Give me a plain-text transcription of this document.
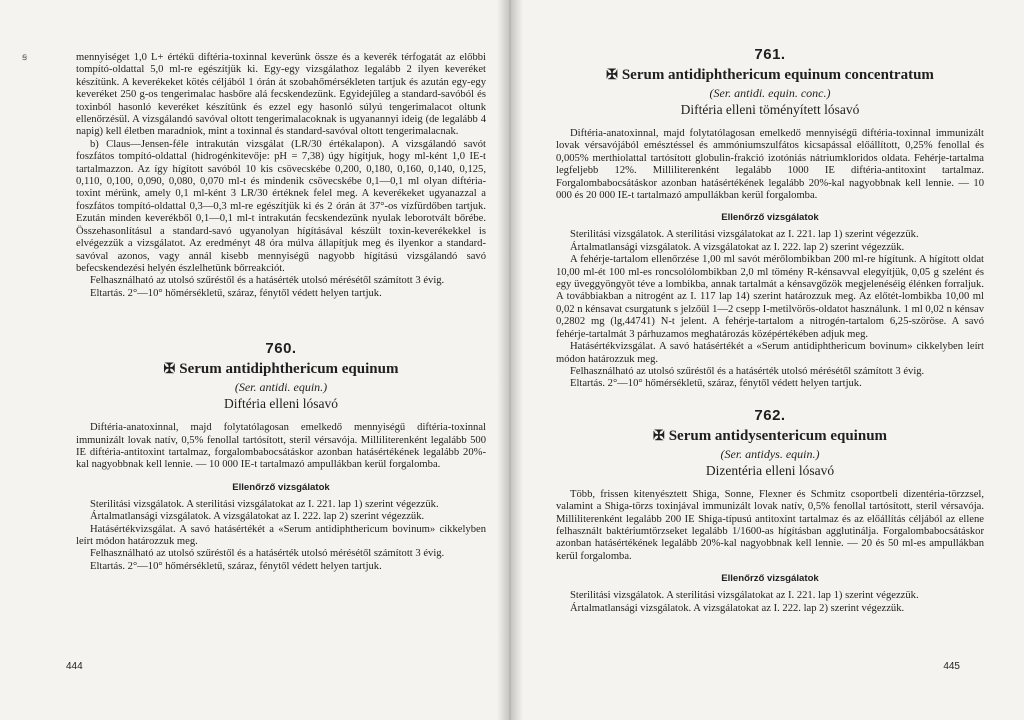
ꞩ	mennyiséget 1,0 L+ értékű diftéria-toxinnal keverünk össze és a keverék térfogatát az előbbi tompító-oldattal 5,0 ml-re egészítjük ki. Egy-egy vizsgálathoz legalább 2 ilyen keveréket készítünk. A keverékeket kötés céljából 1 órán át szobahőmérsékleten tartjuk és azután egy-egy keveréket 250 g-os tengerimalac hasbőre alá fecskendezünk. Egyidejűleg a standard-savóból és toxinból hasonló keveréket készítünk és ezzel egy hasonló súlyú tengerimalacot oltunk ellenőrzésül. A vizsgálandó savóval oltott tengerimalacoknak is ugyanannyi ideig (de legalább 4 napig) kell életben maradniok, mint a toxinnal és standard-savóval oltott tengerimalacnak.

b) Claus—Jensen-féle intrakután vizsgálat (LR/30 értékalapon). A vizsgálandó savót foszfátos tompító-oldattal (hidrogénkitevője: pH = 7,38) úgy hígítjuk, hogy ml-ként 1,0 IE-t tartalmazzon. Az így hígított savóból 10 kis csövecskébe 0,200, 0,180, 0,160, 0,140, 0,125, 0,110, 0,100, 0,090, 0,080, 0,070 ml-t és mindenik csövecskébe 0,1—0,1 ml olyan diftéria-toxint mérünk, amely 0,1 ml-ként 3 LR/30 értéknek felel meg. A keverékeket ugyanazzal a foszfátos tompító-oldattal 0,3—0,3 ml-re egészítjük ki és 2 órán át 37°-os vízfürdőben tartjuk. Ezután minden keverékből 0,1—0,1 ml-t intrakután fecskendezünk nyulak leborotvált bőrébe. Összehasonlításul a standard-savó ugyanolyan hígításával készült toxin-keverékekkel is elvégezzük a vizsgálatot. Az eredményt 48 óra múlva állapítjuk meg és ilyenkor a standard-savóval azonos, vagy annál kisebb mennyiségű nagyobb hígítású vizsgálandó savó befecskendezési helyén észlelhetünk bőrreakciót.

Felhasználható az utolsó szűréstől és a hatásérték utolsó mérésétől számított 3 évig.

Eltartás. 2°—10° hőmérsékletű, száraz, fénytől védett helyen tartjuk.

760.
✠ Serum antidiphthericum equinum
(Ser. antidi. equin.)
Diftéria elleni lósavó

Diftéria-anatoxinnal, majd folytatólagosan emelkedő mennyiségű diftéria-toxinnal immunizált lovak natív, 0,5% fenollal tartósított, steril vérsavója. Milliliterenként legalább 500 IE diftéria-antitoxint tartalmaz, forgalombabocsátáskor azonban hatásértékének legalább 20%-kal nagyobbnak kell lennie. — 10 000 IE-t tartalmazó ampullákban kerül forgalomba.

Ellenőrző vizsgálatok

Sterilitási vizsgálatok. A sterilitási vizsgálatokat az I. 221. lap 1) szerint végezzük.

Ártalmatlansági vizsgálatok. A vizsgálatokat az I. 222. lap 2) szerint végezzük.

Hatásértékvizsgálat. A savó hatásértékét a «Serum antidiphthericum bovinum» cikkelyben leírt módon határozzuk meg.

Felhasználható az utolsó szűréstől és a hatásérték utolsó mérésétől számított 3 évig.

Eltartás. 2°—10° hőmérsékletű, száraz, fénytől védett helyen tartjuk.

444
761.
✠ Serum antidiphthericum equinum concentratum
(Ser. antidi. equin. conc.)
Diftéria elleni töményített lósavó

Diftéria-anatoxinnal, majd folytatólagosan emelkedő mennyiségű diftéria-toxinnal immunizált lovak vérsavójából emésztéssel és ammóniumszulfátos kicsapással előállított, 0,25% fenollal és 0,005% merthiolattal tartósított globulin-frakció izotóniás nátriumkloridos oldata. Fehérje-tartalma legfeljebb 12%. Milliliterenként legalább 1000 IE diftéria-antitoxint tartalmaz. Forgalombabocsátáskor azonban hatásértékének legalább 20%-kal nagyobbnak kell lennie. — 10 000 és 20 000 IE-t tartalmazó ampullákban kerül forgalomba.

Ellenőrző vizsgálatok

Sterilitási vizsgálatok. A sterilitási vizsgálatokat az I. 221. lap 1) szerint végezzük.

Ártalmatlansági vizsgálatok. A vizsgálatokat az I. 222. lap 2) szerint végezzük.

A fehérje-tartalom ellenőrzése 1,00 ml savót mérőlombikban 200 ml-re hígítunk. A hígított oldat 10,00 ml-ét 100 ml-es roncsolólombikban 2,0 ml tömény R-kénsavval elegyítjük, 0,05 g szelént és egy üveggyöngyöt téve a lombikba, annak tartalmát a kénsavgőzök megjelenéséig élénken forraljuk. A továbbiakban a nitrogént az I. 117 lap 14) szerint határozzuk meg. Az előtét-lombikba 10,00 ml 0,02 n kénsavat csurgatunk s jelzőül 1—2 csepp I-metilvörös-oldatot használunk. 1 ml 0,02 n kénsav 0,2802 mg (lg,44741) N-t jelent. A fehérje-tartalom a nitrogén-tartalom 6,25-szöröse. A savó fehérje-tartalmát 3 párhuzamos meghatározás középértékében adjuk meg.

Hatásértékvizsgálat. A savó hatásértékét a «Serum antidiphthericum bovinum» cikkelyben leírt módon határozzuk meg.

Felhasználható az utolsó szűréstől és a hatásérték utolsó mérésétől számított 3 évig.

Eltartás. 2°—10° hőmérsékletű, száraz, fénytől védett helyen tartjuk.

762.
✠ Serum antidysentericum equinum
(Ser. antidys. equin.)
Dizentéria elleni lósavó

Több, frissen kitenyésztett Shiga, Sonne, Flexner és Schmitz csoportbeli dizentéria-törzzsel, valamint a Shiga-törzs toxinjával immunizált lovak natív, 0,5% fenollal tartósított, steril vérsavója. Milliliterenként legalább 200 IE Shiga-típusú antitoxint tartalmaz és az előállítás céljából az ellene felhasznált baktériumtörzseket legalább 1/1600-as hígításban agglutinálja. Forgalombabocsátáskor azonban hatásértékének legalább 20%-kal nagyobbnak kell lennie. — 20 és 50 ml-es ampullákban kerül forgalomba.

Ellenőrző vizsgálatok

Sterilitási vizsgálatok. A sterilitási vizsgálatokat az I. 221. lap 1) szerint végezzük.

Ártalmatlansági vizsgálatok. A vizsgálatokat az I. 222. lap 2) szerint végezzük.

445
